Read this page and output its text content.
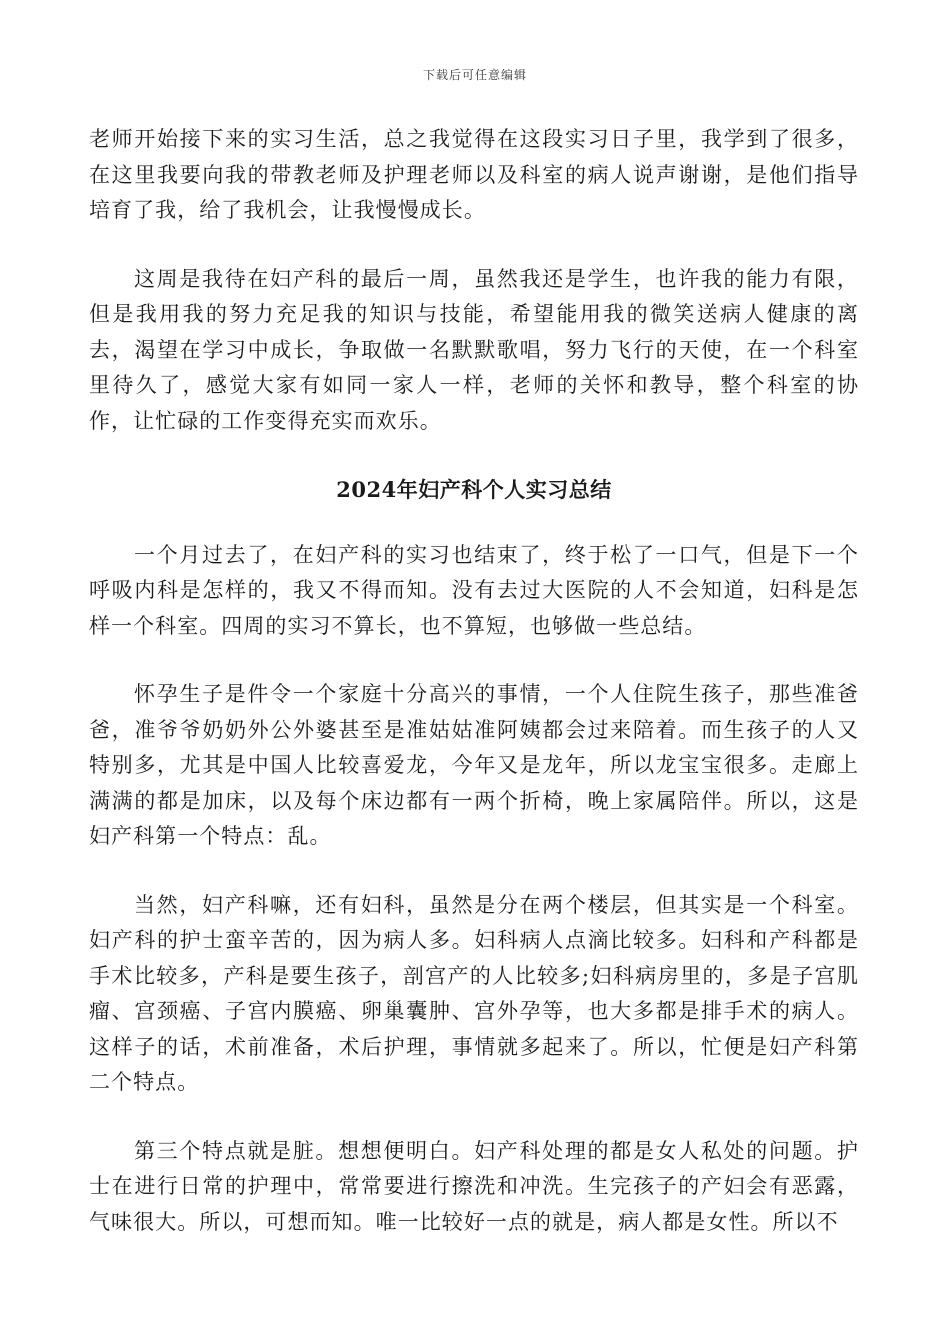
下载后可任意编辑

老师开始接下来的实习生活，总之我觉得在这段实习日子里，我学到了很多，在这里我要向我的带教老师及护理老师以及科室的病人说声谢谢，是他们指导培育了我，给了我机会，让我慢慢成长。

这周是我待在妇产科的最后一周，虽然我还是学生，也许我的能力有限，但是我用我的努力充足我的知识与技能，希望能用我的微笑送病人健康的离去，渴望在学习中成长，争取做一名默默歌唱，努力飞行的天使，在一个科室里待久了，感觉大家有如同一家人一样，老师的关怀和教导，整个科室的协作，让忙碌的工作变得充实而欢乐。

2024年妇产科个人实习总结

一个月过去了，在妇产科的实习也结束了，终于松了一口气，但是下一个呼吸内科是怎样的，我又不得而知。没有去过大医院的人不会知道，妇科是怎样一个科室。四周的实习不算长，也不算短，也够做一些总结。

怀孕生子是件令一个家庭十分高兴的事情，一个人住院生孩子，那些准爸爸，准爷爷奶奶外公外婆甚至是准姑姑准阿姨都会过来陪着。而生孩子的人又特别多，尤其是中国人比较喜爱龙，今年又是龙年，所以龙宝宝很多。走廊上满满的都是加床，以及每个床边都有一两个折椅，晚上家属陪伴。所以，这是妇产科第一个特点：乱。

当然，妇产科嘛，还有妇科，虽然是分在两个楼层，但其实是一个科室。妇产科的护士蛮辛苦的，因为病人多。妇科病人点滴比较多。妇科和产科都是手术比较多，产科是要生孩子，剖宫产的人比较多;妇科病房里的，多是子宫肌瘤、宫颈癌、子宫内膜癌、卵巢囊肿、宫外孕等，也大多都是排手术的病人。这样子的话，术前准备，术后护理，事情就多起来了。所以，忙便是妇产科第二个特点。

第三个特点就是脏。想想便明白。妇产科处理的都是女人私处的问题。护士在进行日常的护理中，常常要进行擦洗和冲洗。生完孩子的产妇会有恶露，气味很大。所以，可想而知。唯一比较好一点的就是，病人都是女性。所以不
